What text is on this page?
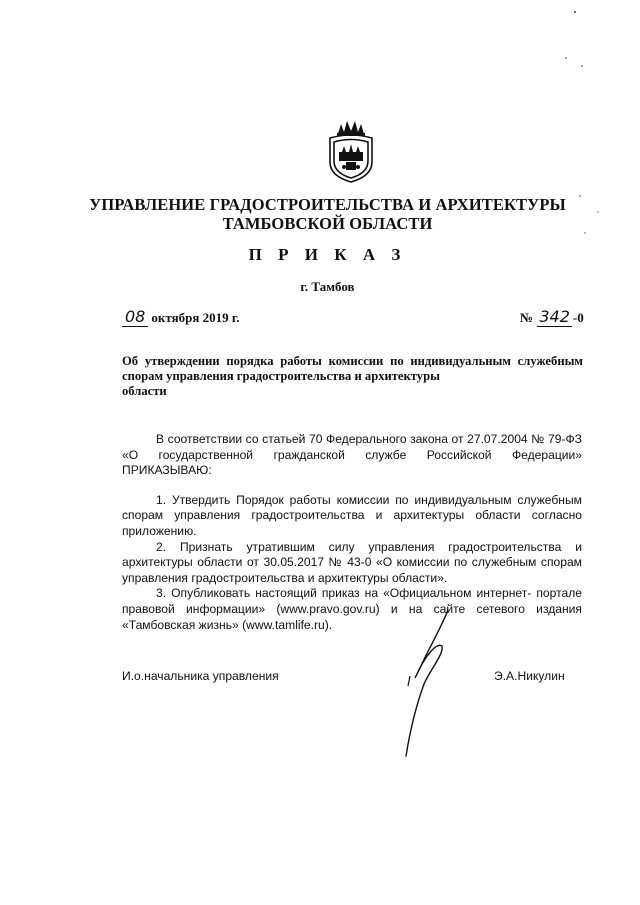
УПРАВЛЕНИЕ ГРАДОСТРОИТЕЛЬСТВА И АРХИТЕКТУРЫ
ТАМБОВСКОЙ ОБЛАСТИ
П Р И К А З
г. Тамбов
08 октября 2019 г.	№ 342 -0
Об утверждении порядка работы комиссии по индивидуальным служебным спорам управления градостроительства и архитектуры
области

В соответствии со статьей 70 Федерального закона от 27.07.2004 № 79-ФЗ «О государственной гражданской службе Российской Федерации» ПРИКАЗЫВАЮ:

1. Утвердить Порядок работы комиссии по индивидуальным служебным спорам управления градостроительства и архитектуры области согласно приложению.

2. Признать утратившим силу управления градостроительства и архитектуры области от 30.05.2017 № 43-0 «О комиссии по служебным спорам управления градостроительства и архитектуры области».

3. Опубликовать настоящий приказ на «Официальном интернет- портале правовой информации» (www.pravo.gov.ru) и на сайте сетевого издания «Тамбовская жизнь» (www.tamlife.ru).

И.о.начальника управления	Э.А.Никулин
